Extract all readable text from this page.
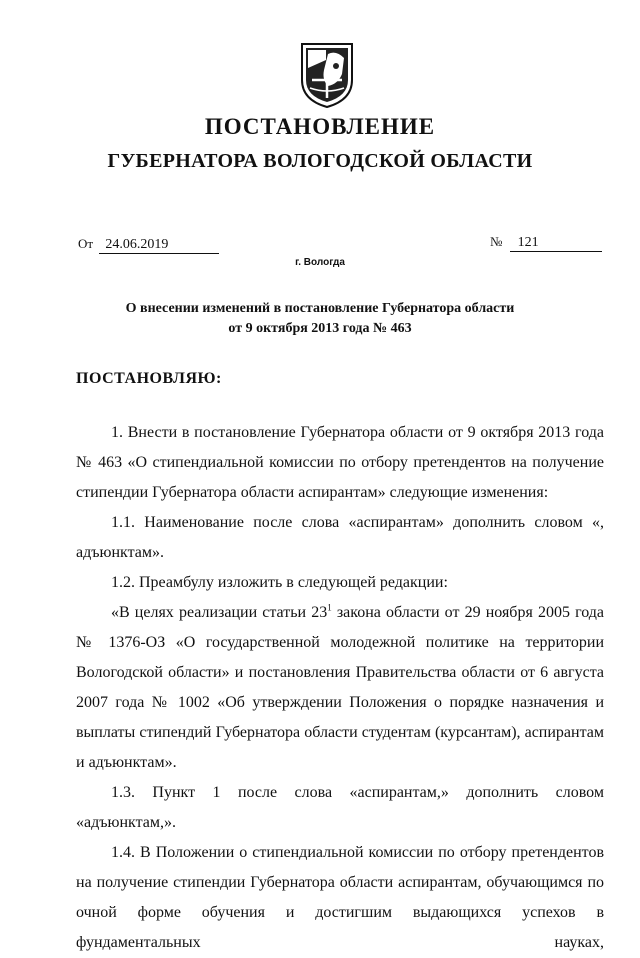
ПОСТАНОВЛЕНИЕ
ГУБЕРНАТОРА ВОЛОГОДСКОЙ ОБЛАСТИ
От 24.06.2019	№ 121
г. Вологда
О внесении изменений в постановление Губернатора области
от 9 октября 2013 года № 463
ПОСТАНОВЛЯЮ:

1. Внести в постановление Губернатора области от 9 октября 2013 года № 463 «О стипендиальной комиссии по отбору претендентов на получение стипендии Губернатора области аспирантам» следующие изменения:

1.1. Наименование после слова «аспирантам» дополнить словом «, адъюнктам».

1.2. Преамбулу изложить в следующей редакции:

«В целях реализации статьи $23^1$ закона области от 29 ноября 2005 года № 1376-ОЗ «О государственной молодежной политике на территории Вологодской области» и постановления Правительства области от 6 августа 2007 года № 1002 «Об утверждении Положения о порядке назначения и выплаты стипендий Губернатора области студентам (курсантам), аспирантам и адъюнктам».

1.3. Пункт 1 после слова «аспирантам,» дополнить словом «адъюнктам,».

1.4. В Положении о стипендиальной комиссии по отбору претендентов на получение стипендии Губернатора области аспирантам, обучающимся по очной форме обучения и достигшим выдающихся успехов в фундаментальных науках,
